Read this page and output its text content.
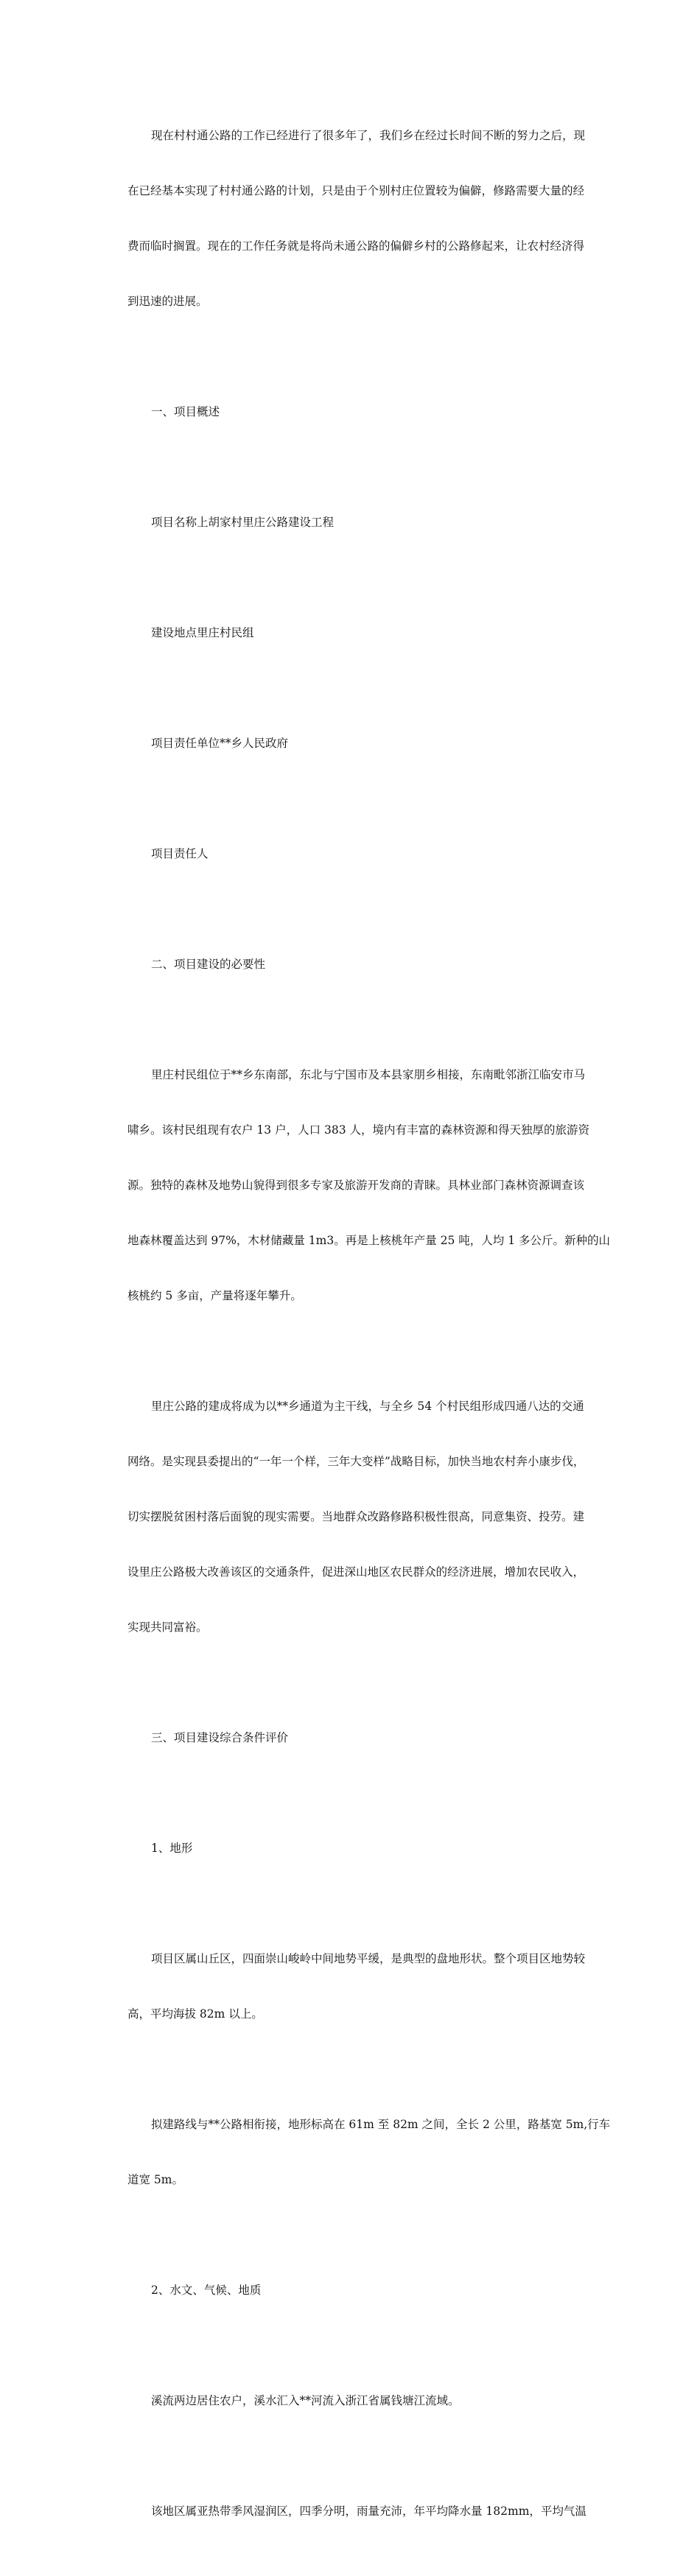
现在村村通公路的工作已经进行了很多年了，我们乡在经过长时间不断的努力之后，现

在已经基本实现了村村通公路的计划，只是由于个别村庄位置较为偏僻，修路需要大量的经

费而临时搁置。现在的工作任务就是将尚未通公路的偏僻乡村的公路修起来，让农村经济得

到迅速的进展。

一、项目概述

项目名称上胡家村里庄公路建设工程

建设地点里庄村民组

项目责任单位**乡人民政府

项目责任人

二、项目建设的必要性

里庄村民组位于**乡东南部，东北与宁国市及本县家朋乡相接，东南毗邻浙江临安市马

啸乡。该村民组现有农户 13 户，人口 383 人，境内有丰富的森林资源和得天独厚的旅游资

源。独特的森林及地势山貌得到很多专家及旅游开发商的青睐。具林业部门森林资源调查该

地森林覆盖达到 97%，木材储藏量 1m3。再是上核桃年产量 25 吨，人均 1 多公斤。新种的山

核桃约 5 多亩，产量将逐年攀升。

里庄公路的建成将成为以**乡通道为主干线，与全乡 54 个村民组形成四通八达的交通

网络。是实现县委提出的“一年一个样，三年大变样”战略目标，加快当地农村奔小康步伐，

切实摆脱贫困村落后面貌的现实需要。当地群众改路修路积极性很高，同意集资、投劳。建

设里庄公路极大改善该区的交通条件，促进深山地区农民群众的经济进展，增加农民收入，

实现共同富裕。

三、项目建设综合条件评价

1、地形

项目区属山丘区，四面崇山峻岭中间地势平缓，是典型的盘地形状。整个项目区地势较

高，平均海拔 82m 以上。

拟建路线与**公路相衔接，地形标高在 61m 至 82m 之间，全长 2 公里，路基宽 5m,行车

道宽 5m。

2、水文、气候、地质

溪流两边居住农户，溪水汇入**河流入浙江省属钱塘江流域。

该地区属亚热带季风湿润区，四季分明，雨量充沛，年平均降水量 182mm，平均气温
